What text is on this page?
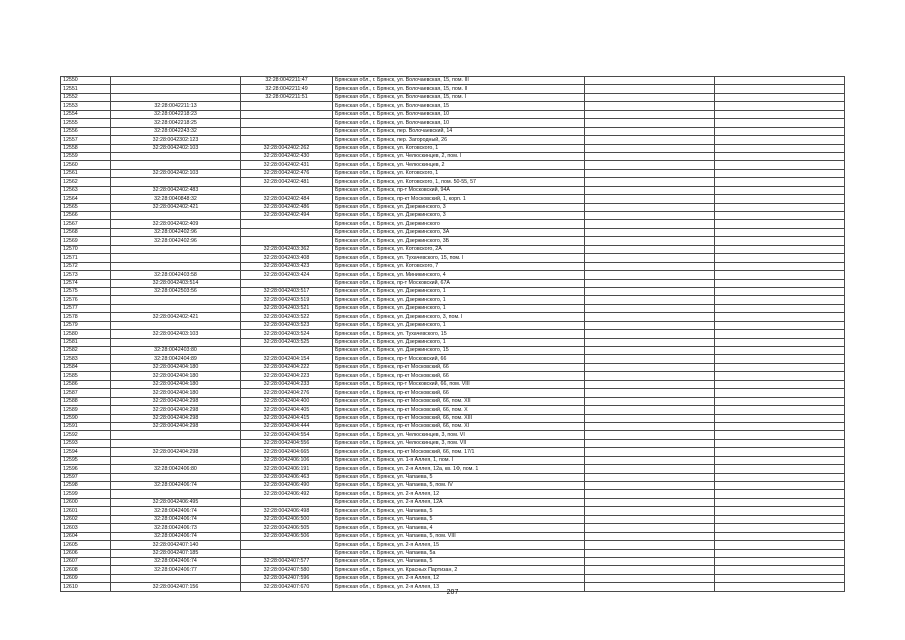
12550		32:28:0042211:47	Брянская обл., г. Брянск, ул. Волочаевская, 15, пом. III		
12551		32:28:0042211:49	Брянская обл., г. Брянск, ул. Волочаевская, 15, пом. II		
12552		32:28:0042211:51	Брянская обл., г. Брянск, ул. Волочаевская, 15, пом. I		
12553	32:28:0042211:13		Брянская обл., г. Брянск, ул. Волочаевская, 15		
12554	32:28:0042218:23		Брянская обл., г. Брянск, ул. Волочаевская, 10		
12555	32:28:0042218:25		Брянская обл., г. Брянск, ул. Волочаевская, 10		
12556	32:28:0042243:32		Брянская обл., г. Брянск, пер. Волочаевский, 14		
12557	32:28:0042302:123		Брянская обл., г. Брянск, пер. Загородный, 26		
12558	32:28:0042402:103	32:28:0042402:262	Брянская обл., г. Брянск, ул. Котовского, 1		
12559		32:28:0042402:430	Брянская обл., г. Брянск, ул. Челюскинцев, 2, пом. I		
12560		32:28:0042402:431	Брянская обл., г. Брянск, ул. Челюскинцев, 2		
12561	32:28:0042402:103	32:28:0042402:476	Брянская обл., г. Брянск, ул. Котовского, 1		
12562		32:28:0042402:481	Брянская обл., г. Брянск, ул. Котовского, 1, пом. 50-55, 57		
12563	32:28:0042402:483		Брянская обл., г. Брянск, пр-т Московский, 94А		
12564	32:28:0040848:32	32:28:0042402:484	Брянская обл., г. Брянск, пр-кт Московский, 1, корп. 1		
12565	32:28:0042402:421	32:28:0042402:486	Брянская обл., г. Брянск, ул. Дзержинского, 3		
12566		32:28:0042402:494	Брянская обл., г. Брянск, ул. Дзержинского, 3		
12567	32:28:0042402:409		Брянская обл., г. Брянск, ул. Дзержинского		
12568	32:28:0042402:96		Брянская обл., г. Брянск, ул. Дзержинского, 3А		
12569	32:28:0042402:96		Брянская обл., г. Брянск, ул. Дзержинского, 3Б		
12570		32:28:0042403:362	Брянская обл., г. Брянск, ул. Котовского, 2А		
12571		32:28:0042403:408	Брянская обл., г. Брянск, ул. Тухачевского, 15, пом. I		
12572		32:28:0042403:423	Брянская обл., г. Брянск, ул. Котовского, 7		
12573	32:28:0042403:58	32:28:0042403:424	Брянская обл., г. Брянск, ул. Миникинского, 4		
12574	32:28:0042403:514		Брянская обл., г. Брянск, пр-т Московский, 67А		
12575	32:28:0042503:56	32:28:0042403:517	Брянская обл., г. Брянск, ул. Дзержинского, 1		
12576		32:28:0042403:519	Брянская обл., г. Брянск, ул. Дзержинского, 1		
12577		32:28:0042403:521	Брянская обл., г. Брянск, ул. Дзержинского, 1		
12578	32:28:0042402:421	32:28:0042403:522	Брянская обл., г. Брянск, ул. Дзержинского, 3, пом. I		
12579		32:28:0042403:523	Брянская обл., г. Брянск, ул. Дзержинского, 1		
12580	32:28:0042403:103	32:28:0042403:524	Брянская обл., г. Брянск, ул. Тухачевского, 15		
12581		32:28:0042403:525	Брянская обл., г. Брянск, ул. Дзержинского, 1		
12582	32:28:0042403:80		Брянская обл., г. Брянск, ул. Дзержинского, 15		
12583	32:28:0042404:89	32:28:0042404:154	Брянская обл., г. Брянск, пр-т Московский, 66		
12584	32:28:0042404:180	32:28:0042404:222	Брянская обл., г. Брянск, пр-кт Московский, 66		
12585	32:28:0042404:180	32:28:0042404:223	Брянская обл., г. Брянск, пр-кт Московский, 66		
12586	32:28:0042404:180	32:28:0042404:233	Брянская обл., г. Брянск, пр-т Московский, 66, пом. VIII		
12587	32:28:0042404:180	32:28:0042404:276	Брянская обл., г. Брянск, пр-кт Московский, 66		
12588	32:28:0042404:298	32:28:0042404:400	Брянская обл., г. Брянск, пр-кт Московский, 66, пом. XII		
12589	32:28:0042404:298	32:28:0042404:405	Брянская обл., г. Брянск, пр-кт Московский, 66, пом. X		
12590	32:28:0042404:298	32:28:0042404:415	Брянская обл., г. Брянск, пр-кт Московский, 66, пом. XIII		
12591	32:28:0042404:298	32:28:0042404:444	Брянская обл., г. Брянск, пр-кт Московский, 66, пом. XI		
12592		32:28:0042404:554	Брянская обл., г. Брянск, ул. Челюскинцев, 3, пом. VI		
12593		32:28:0042404:556	Брянская обл., г. Брянск, ул. Челюскинцев, 3, пом. VII		
12594	32:28:0042404:298	32:28:0042404:665	Брянская обл., г. Брянск, пр-кт Московский, 66, пом. 17/1		
12595		32:28:0042406:106	Брянская обл., г. Брянск, ул. 1-я Аллея, 1, пом. I		
12596	32:28:0042406:80	32:28:0042406:191	Брянская обл., г. Брянск, ул. 2-я Аллея, 12а, кв. 1Ф, пом. 1		
12597		32:28:0042406:463	Брянская обл., г. Брянск, ул. Чапаева, 5		
12598	32:28:0042406:74	32:28:0042406:490	Брянская обл., г. Брянск, ул. Чапаева, 5, пом. IV		
12599		32:28:0042406:492	Брянская обл., г. Брянск, ул. 2-я Аллея, 12		
12600	32:28:0042406:495		Брянская обл., г. Брянск, ул. 2-я Аллея, 12А		
12601	32:28:0042406:74	32:28:0042406:498	Брянская обл., г. Брянск, ул. Чапаева, 5		
12602	32:28:0042406:74	32:28:0042406:500	Брянская обл., г. Брянск, ул. Чапаева, 5		
12603	32:28:0042406:73	32:28:0042406:505	Брянская обл., г. Брянск, ул. Чапаева, 4		
12604	32:28:0042406:74	32:28:0042406:506	Брянская обл., г. Брянск, ул. Чапаева, 5, пом. VIII		
12605	32:28:0042407:140		Брянская обл., г. Брянск, ул. 2-я Аллея, 15		
12606	32:28:0042407:185		Брянская обл., г. Брянск, ул. Чапаева, 5а		
12607	32:28:0042406:74	32:28:0042407:577	Брянская обл., г. Брянск, ул. Чапаева, 5		
12608	32:28:0042406:77	32:28:0042407:580	Брянская обл., г. Брянск, ул. Красных Партизан, 2		
12609		32:28:0042407:596	Брянская обл., г. Брянск, ул. 2-я Аллея, 12		
12610	32:28:0042407:156	32:28:0042407:670	Брянская обл., г. Брянск, ул. 2-я Аллея, 13		
207
